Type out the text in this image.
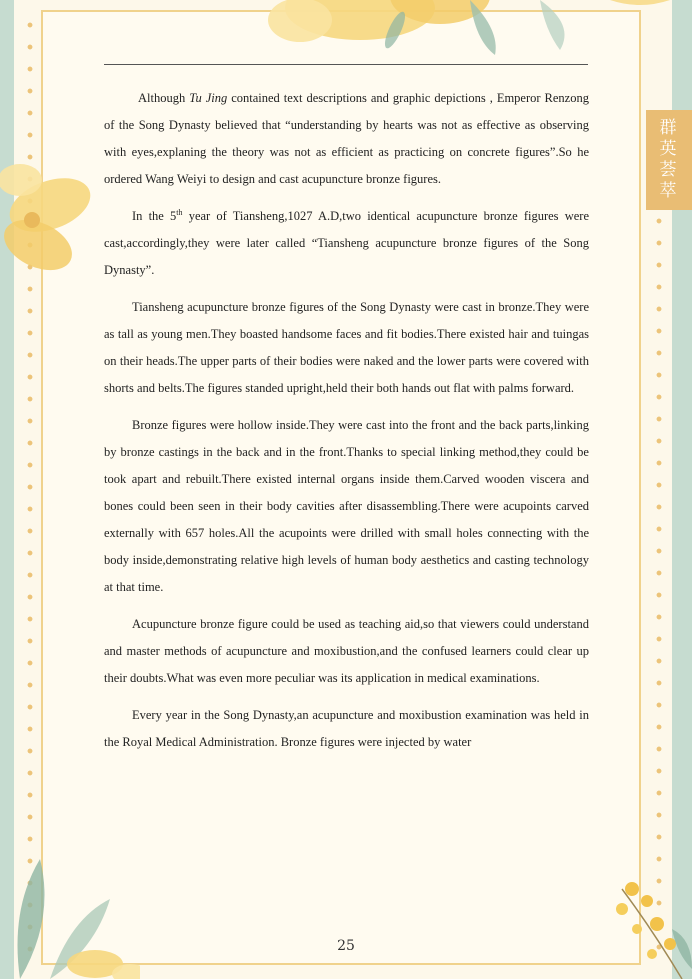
群
英
荟
萃

Although Tu Jing contained text descriptions and graphic depictions , Emperor Renzong of the Song Dynasty believed that “understanding by hearts was not as effective as observing with eyes,explaning the theory was not as efficient as practicing on concrete figures”.So he ordered Wang Weiyi to design and cast acupuncture bronze figures.

In the 5th year of Tiansheng,1027 A.D,two identical acupuncture bronze figures were cast,accordingly,they were later called “Tiansheng acupuncture bronze figures of the Song Dynasty”.

Tiansheng acupuncture bronze figures of the Song Dynasty were cast in bronze.They were as tall as young men.They boasted handsome faces and fit bodies.There existed hair and tuingas on their heads.The upper parts of their bodies were naked and the lower parts were covered with shorts and belts.The figures standed upright,held their both hands out flat with palms forward.

Bronze figures were hollow inside.They were cast into the front and the back parts,linking by bronze castings in the back and in the front.Thanks to special linking method,they could be took apart and rebuilt.There existed internal organs inside them.Carved wooden viscera and bones could been seen in their body cavities after disassembling.There were acupoints carved externally with 657 holes.All the acupoints were drilled with small holes connecting with the body inside,demonstrating relative high levels of human body aesthetics and casting technology at that time.

Acupuncture bronze figure could be used as teaching aid,so that viewers could understand and master methods of acupuncture and moxibustion,and the confused learners could clear up their doubts.What was even more peculiar was its application in medical examinations.

Every year in the Song Dynasty,an acupuncture and moxibustion examination was held in the Royal Medical Administration. Bronze figures were injected by water

25
